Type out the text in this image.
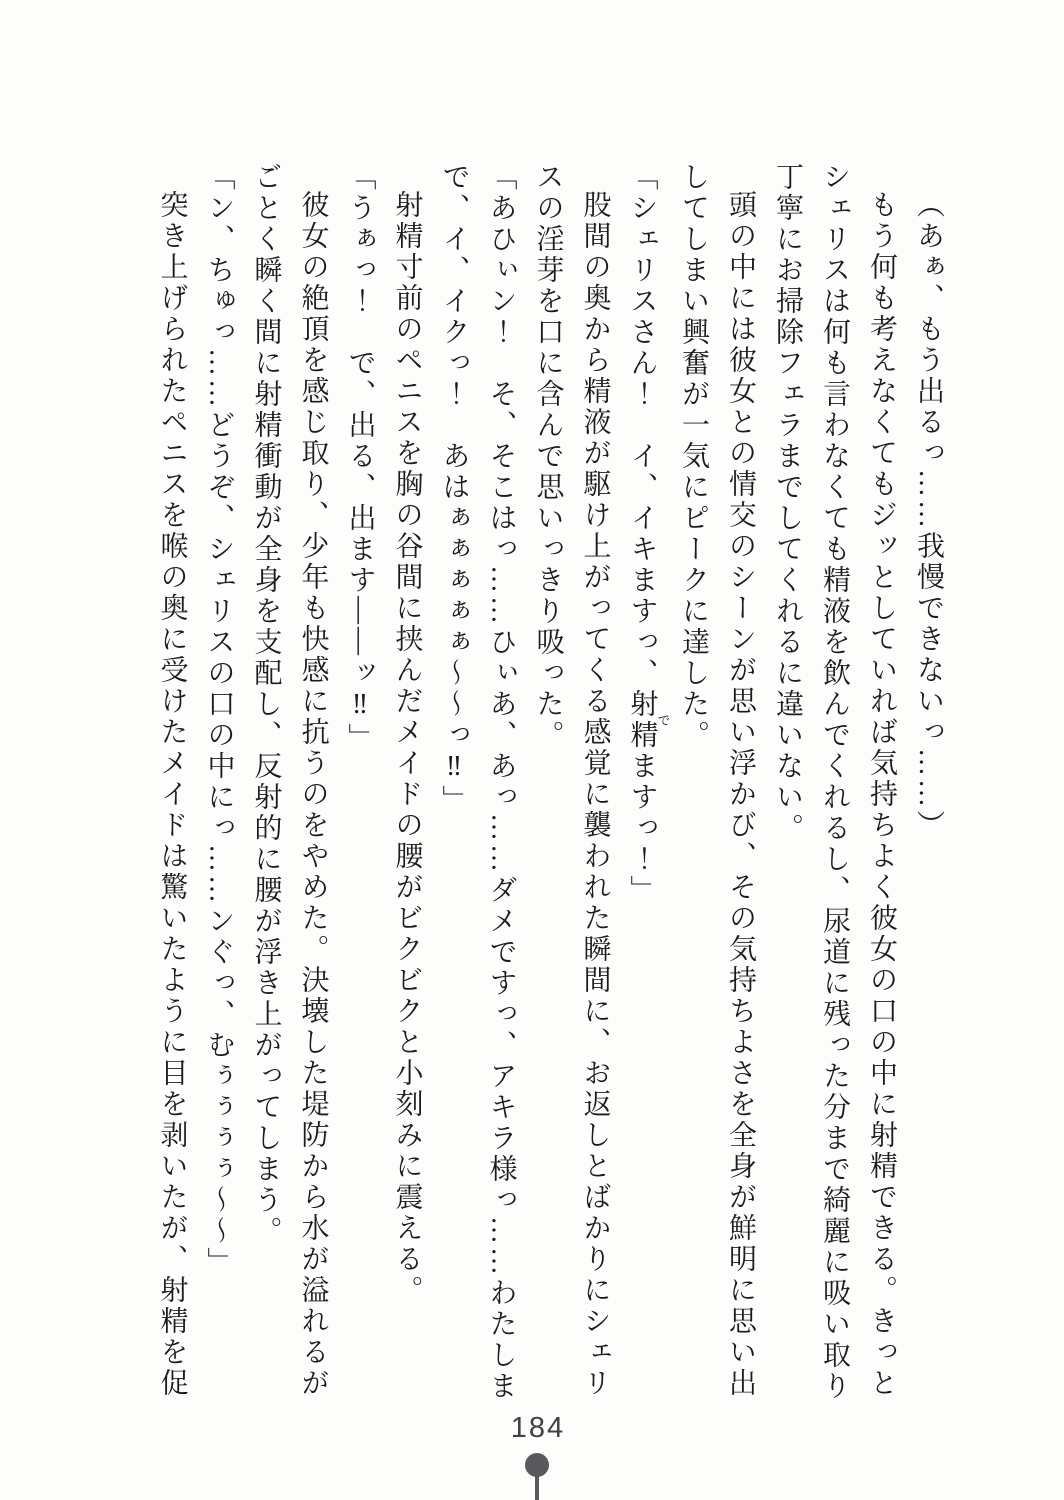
（あぁ、もう出るっ……我慢できないっ……）

もう何も考えなくてもジッとしていれば気持ちよく彼女の口の中に射精できる。きっとシェリスは何も言わなくても精液を飲んでくれるし、尿道に残った分まで綺麗に吸い取り丁寧にお掃除フェラまでしてくれるに違いない。

頭の中には彼女との情交のシーンが思い浮かび、その気持ちよさを全身が鮮明に思い出してしまい興奮が一気にピークに達した。

「シェリスさん！　イ、イキますっ、射精でますっ！」

股間の奥から精液が駆け上がってくる感覚に襲われた瞬間に、お返しとばかりにシェリスの淫芽を口に含んで思いっきり吸った。

「あひぃン！　そ、そこはっ……ひぃあ、あっ……ダメですっ、アキラ様っ……わたしまで、イ、イクっ！　あはぁぁぁぁぁ～～っ‼」

射精寸前のペニスを胸の谷間に挟んだメイドの腰がビクビクと小刻みに震える。

「うぁっ！　で、出る、出ます――ッ‼」

彼女の絶頂を感じ取り、少年も快感に抗うのをやめた。決壊した堤防から水が溢れるがごとく瞬く間に射精衝動が全身を支配し、反射的に腰が浮き上がってしまう。

「ン、ちゅっ……どうぞ、シェリスの口の中にっ……ンぐっ、むぅぅぅぅ～～」

突き上げられたペニスを喉の奥に受けたメイドは驚いたように目を剥いたが、射精を促

184
